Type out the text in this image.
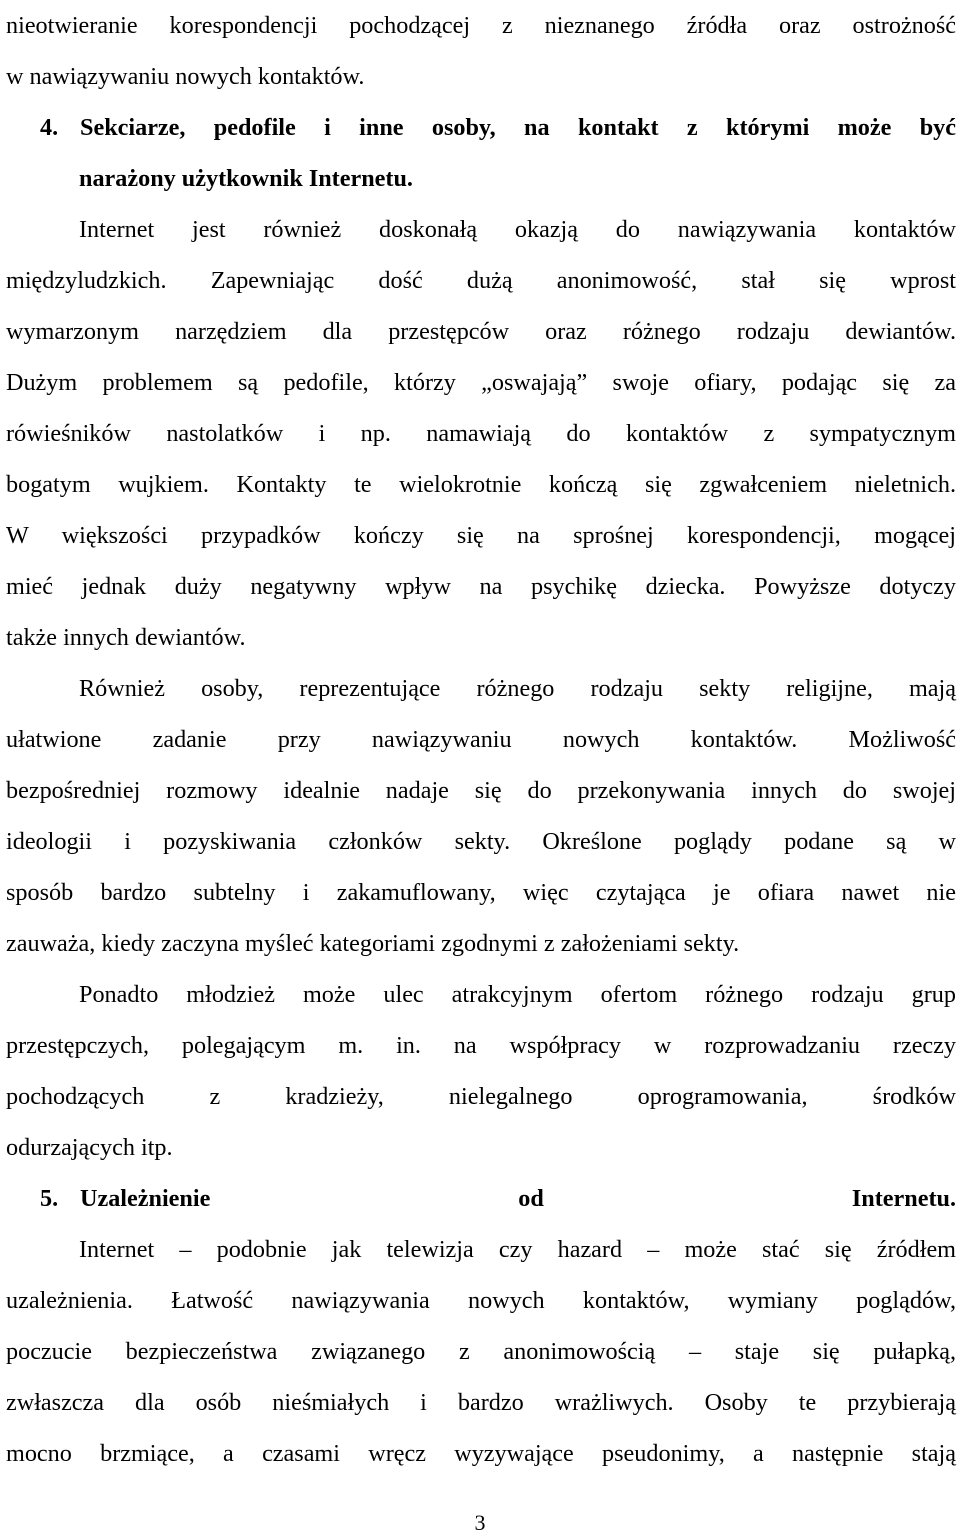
nieotwieranie korespondencji pochodzącej z nieznanego źródła oraz ostrożność
w nawiązywaniu nowych kontaktów.
4. Sekciarze, pedofile i inne osoby, na kontakt z którymi może być
narażony użytkownik Internetu.
Internet jest również doskonałą okazją do nawiązywania kontaktów
międzyludzkich. Zapewniając dość dużą anonimowość, stał się wprost
wymarzonym narzędziem dla przestępców oraz różnego rodzaju dewiantów.
Dużym problemem są pedofile, którzy „oswajają” swoje ofiary, podając się za
rówieśników nastolatków i np. namawiają do kontaktów z sympatycznym
bogatym wujkiem. Kontakty te wielokrotnie kończą się zgwałceniem nieletnich.
W większości przypadków kończy się na sprośnej korespondencji, mogącej
mieć jednak duży negatywny wpływ na psychikę dziecka. Powyższe dotyczy
także innych dewiantów.
Również osoby, reprezentujące różnego rodzaju sekty religijne, mają
ułatwione zadanie przy nawiązywaniu nowych kontaktów. Możliwość
bezpośredniej rozmowy idealnie nadaje się do przekonywania innych do swojej
ideologii i pozyskiwania członków sekty. Określone poglądy podane są w
sposób bardzo subtelny i zakamuflowany, więc czytająca je ofiara nawet nie
zauważa, kiedy zaczyna myśleć kategoriami zgodnymi z założeniami sekty.
Ponadto młodzież może ulec atrakcyjnym ofertom różnego rodzaju grup
przestępczych, polegającym m. in. na współpracy w rozprowadzaniu rzeczy
pochodzących z kradzieży, nielegalnego oprogramowania, środków
odurzających itp.
5. Uzależnienie od Internetu.
Internet – podobnie jak telewizja czy hazard – może stać się źródłem
uzależnienia. Łatwość nawiązywania nowych kontaktów, wymiany poglądów,
poczucie bezpieczeństwa związanego z anonimowością – staje się pułapką,
zwłaszcza dla osób nieśmiałych i bardzo wrażliwych. Osoby te przybierają
mocno brzmiące, a czasami wręcz wyzywające pseudonimy, a następnie stają
3
